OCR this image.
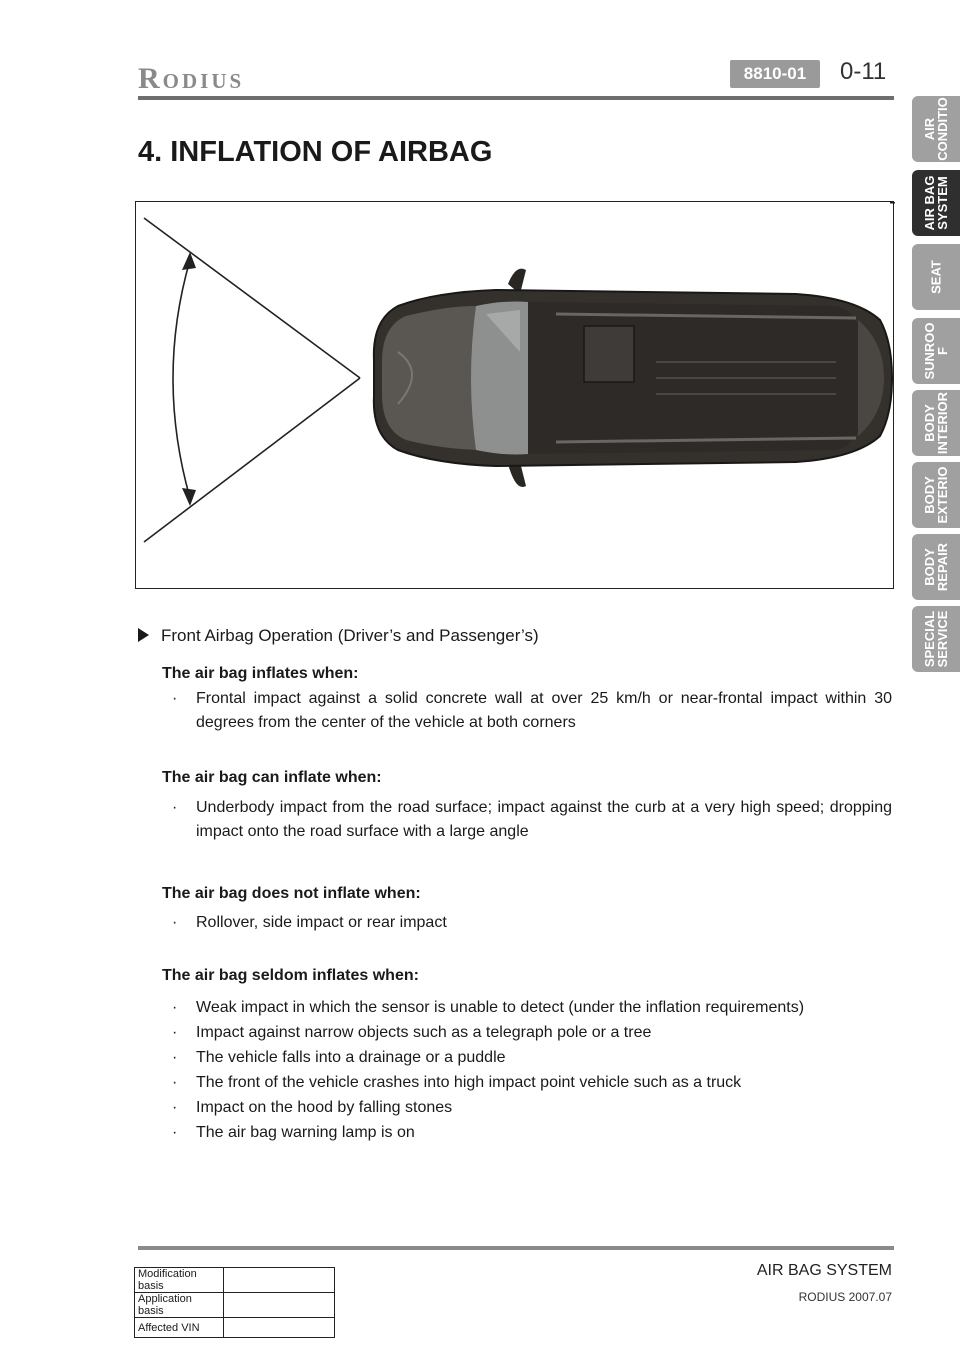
Rodius	8810-01	0-11
4. INFLATION OF AIRBAG
AIR
CONDITIO
AIR BAG
SYSTEM
SEAT
SUNROO
F
BODY
INTERIOR
BODY
EXTERIO
BODY
REPAIR
SPECIAL
SERVICE
Front Airbag Operation (Driver’s and Passenger’s)
The air bag inflates when:
· Frontal impact against a solid concrete wall at over 25 km/h or near-frontal impact within 30 degrees from the center of the vehicle at both corners
The air bag can inflate when:
· Underbody impact from the road surface; impact against the curb at a very high speed; dropping impact onto the road surface with a large angle
The air bag does not inflate when:
· Rollover, side impact or rear impact
The air bag seldom inflates when:
· Weak impact in which the sensor is unable to detect (under the inflation requirements)
· Impact against narrow objects such as a telegraph pole or a tree
· The vehicle falls into a drainage or a puddle
· The front of the vehicle crashes into high impact point vehicle such as a truck
· Impact on the hood by falling stones
· The air bag warning lamp is on
Modification basis	
Application basis	
Affected VIN	
AIR BAG SYSTEM
RODIUS 2007.07
